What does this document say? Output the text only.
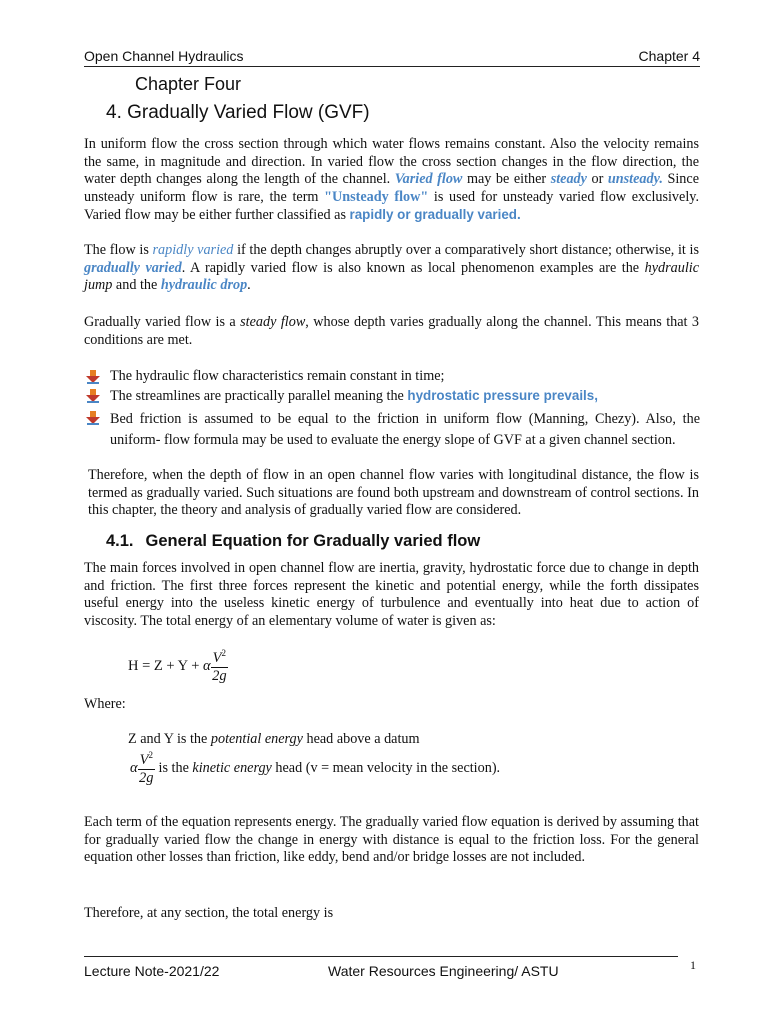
Open Channel Hydraulics	Chapter 4
Chapter Four
4. Gradually Varied Flow (GVF)

In uniform flow the cross section through which water flows remains constant. Also the velocity remains the same, in magnitude and direction. In varied flow the cross section changes in the flow direction, the water depth changes along the length of the channel. Varied flow may be either steady or unsteady. Since unsteady uniform flow is rare, the term "Unsteady flow" is used for unsteady varied flow exclusively. Varied flow may be either further classified as rapidly or gradually varied.

The flow is rapidly varied if the depth changes abruptly over a comparatively short distance; otherwise, it is gradually varied. A rapidly varied flow is also known as local phenomenon examples are the hydraulic jump and the hydraulic drop.

Gradually varied flow is a steady flow, whose depth varies gradually along the channel. This means that 3 conditions are met.

The hydraulic flow characteristics remain constant in time;
The streamlines are practically parallel meaning the hydrostatic pressure prevails,
Bed friction is assumed to be equal to the friction in uniform flow (Manning, Chezy). Also, the uniform- flow formula may be used to evaluate the energy slope of GVF at a given channel section.

Therefore, when the depth of flow in an open channel flow varies with longitudinal distance, the flow is termed as gradually varied. Such situations are found both upstream and downstream of control sections. In this chapter, the theory and analysis of gradually varied flow are considered.

4.1. General Equation for Gradually varied flow

The main forces involved in open channel flow are inertia, gravity, hydrostatic force due to change in depth and friction. The first three forces represent the kinetic and potential energy, while the forth dissipates useful energy into the useless kinetic energy of turbulence and eventually into heat due to action of viscosity. The total energy of an elementary volume of water is given as:

H = Z + Y + α $\frac{V^2}{2g}$
Where:
Z and Y is the potential energy head above a datum
α $\frac{V^2}{2g}$ is the kinetic energy head (v = mean velocity in the section).

Each term of the equation represents energy. The gradually varied flow equation is derived by assuming that for gradually varied flow the change in energy with distance is equal to the friction loss. For the general equation other losses than friction, like eddy, bend and/or bridge losses are not included.

Therefore, at any section, the total energy is

Lecture Note-2021/22	Water Resources Engineering/ ASTU	1
